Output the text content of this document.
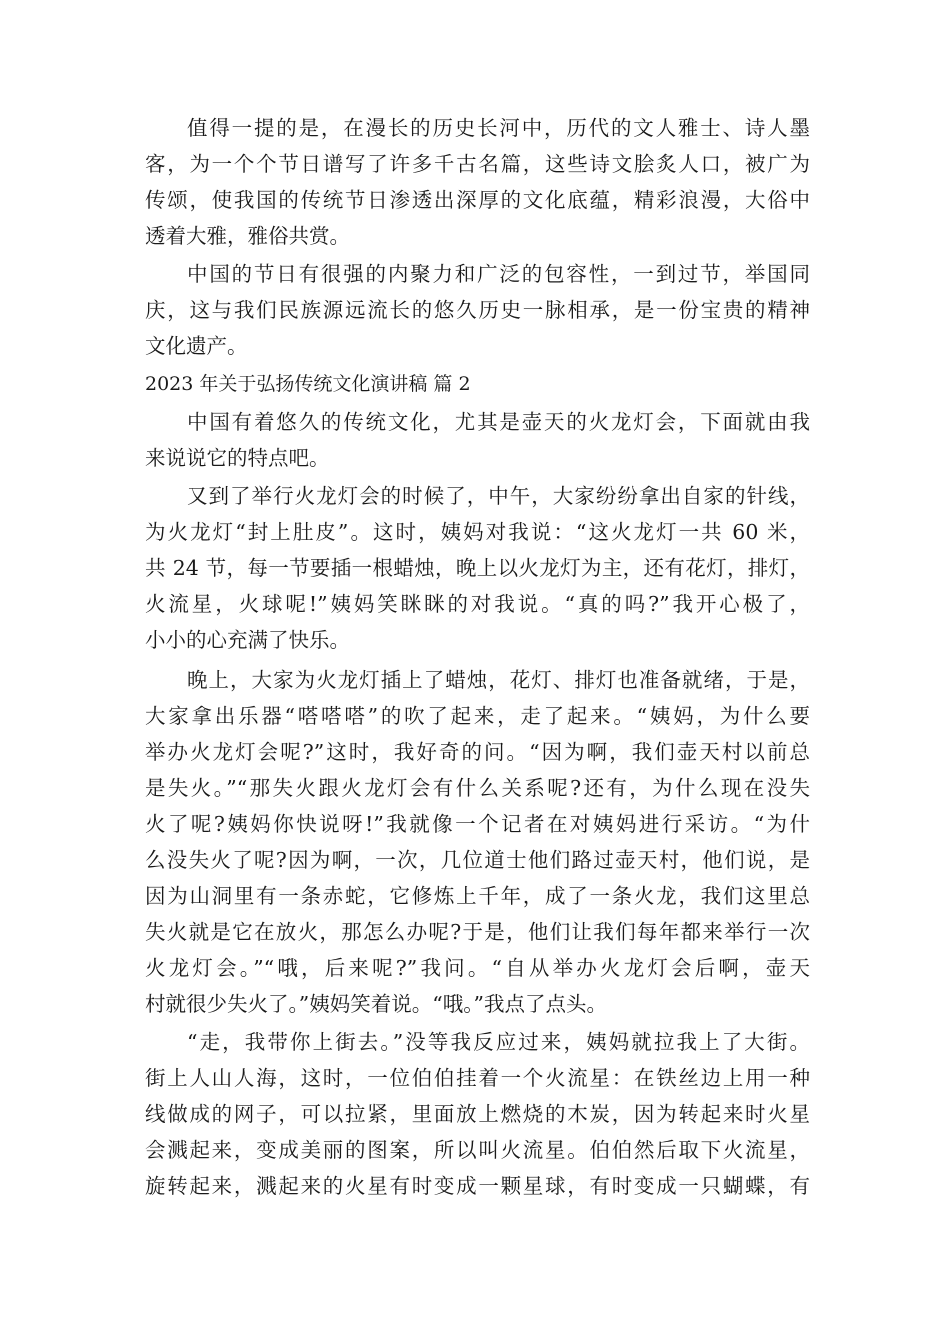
值得一提的是，在漫长的历史长河中，历代的文人雅士、诗人墨
客，为一个个节日谱写了许多千古名篇，这些诗文脍炙人口，被广为
传颂，使我国的传统节日渗透出深厚的文化底蕴，精彩浪漫，大俗中
透着大雅，雅俗共赏。
中国的节日有很强的内聚力和广泛的包容性，一到过节，举国同
庆，这与我们民族源远流长的悠久历史一脉相承，是一份宝贵的精神
文化遗产。
2023 年关于弘扬传统文化演讲稿 篇 2
中国有着悠久的传统文化，尤其是壶天的火龙灯会，下面就由我
来说说它的特点吧。
又到了举行火龙灯会的时候了，中午，大家纷纷拿出自家的针线，
为火龙灯“封上肚皮”。这时，姨妈对我说：“这火龙灯一共 60 米，
共 24 节，每一节要插一根蜡烛，晚上以火龙灯为主，还有花灯，排灯，
火流星，火球呢!”姨妈笑眯眯的对我说。“真的吗?”我开心极了，
小小的心充满了快乐。
晚上，大家为火龙灯插上了蜡烛，花灯、排灯也准备就绪，于是，
大家拿出乐器“嗒嗒嗒”的吹了起来，走了起来。“姨妈，为什么要
举办火龙灯会呢?”这时，我好奇的问。“因为啊，我们壶天村以前总
是失火。”“那失火跟火龙灯会有什么关系呢?还有，为什么现在没失
火了呢?姨妈你快说呀!”我就像一个记者在对姨妈进行采访。“为什
么没失火了呢?因为啊，一次，几位道士他们路过壶天村，他们说，是
因为山洞里有一条赤蛇，它修炼上千年，成了一条火龙，我们这里总
失火就是它在放火，那怎么办呢?于是，他们让我们每年都来举行一次
火龙灯会。”“哦，后来呢?”我问。“自从举办火龙灯会后啊，壶天
村就很少失火了。”姨妈笑着说。“哦。”我点了点头。
“走，我带你上街去。”没等我反应过来，姨妈就拉我上了大街。
街上人山人海，这时，一位伯伯挂着一个火流星：在铁丝边上用一种
线做成的网子，可以拉紧，里面放上燃烧的木炭，因为转起来时火星
会溅起来，变成美丽的图案，所以叫火流星。伯伯然后取下火流星，
旋转起来，溅起来的火星有时变成一颗星球，有时变成一只蝴蝶，有
